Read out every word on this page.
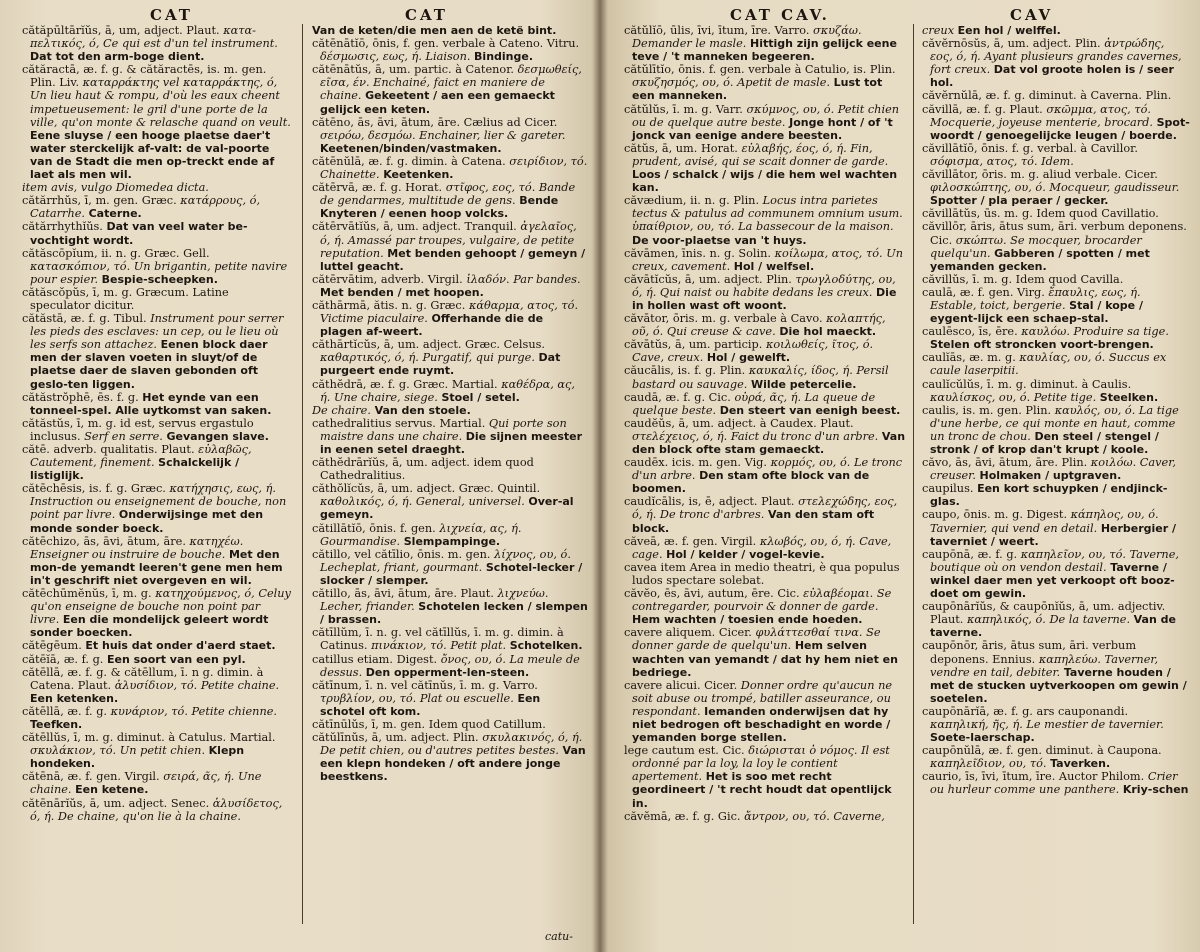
CAT	CAT

cătăpūltārĭŭs, ā, um, adject. Plaut. κατα-πελτικός, ό, Ce qui est d'un tel instrument. Dat tot den arm-boge dient.

cătăractā, æ. f. g. & cătăractēs, is. m. gen. Plin. Liv. καταρράκτης vel καταρράκτης, ό, Un lieu haut & rompu, d'où les eaux cheent impetueusement: le gril d'une porte de la ville, qu'on monte & relasche quand on veult. Eene sluyse / een hooge plaetse daer't water sterckelijk af-valt: de val-poorte van de Stadt die men op-treckt ende af laet als men wil.

item avis, vulgo Diomedea dicta.

cătărrhŭs, ī, m. gen. Græc. κατάρρους, ό, Catarrhe. Caterne.

cătărrhythĭŭs. Dat van veel water be-vochtight wordt.

cătăscōpĭum, ii. n. g. Græc. Gell. κατασκόπιον, τό. Un brigantin, petite navire pour espier. Bespie-scheepken.

cătăscŏpŭs, ī, m. g. Græcum. Latine speculator dicitur.

cătăstā, æ. f. g. Tibul. Instrument pour serrer les pieds des esclaves: un cep, ou le lieu où les serfs son attachez. Eenen block daer men der slaven voeten in sluyt/of de plaetse daer de slaven gebonden oft geslo-ten liggen.

cătăstrŏphē, ēs. f. g. Het eynde van een tonneel-spel. Alle uytkomst van saken.

cătăstŭs, ī, m. g. id est, servus ergastulo inclusus. Serf en serre. Gevangen slave.

cătē. adverb. qualitatis. Plaut. εὐλαβῶς, Cautement, finement. Schalckelijk / listiglijk.

cătēchēsis, is. f. g. Græc. κατήχησις, εως, ή. Instruction ou enseignement de bouche, non point par livre. Onderwijsinge met den monde sonder boeck.

cătēchizo, ās, āvi, ātum, āre. κατηχέω. Enseigner ou instruire de bouche. Met den mon-de yemandt leeren't gene men hem in't geschrift niet overgeven en wil.

cătēchūmĕnŭs, ī, m. g. κατηχούμενος, ό, Celuy qu'on enseigne de bouche non point par livre. Een die mondelijck geleert wordt sonder boecken.

cătēgēum. Et huis dat onder d'aerd staet.

cătēĭā, æ. f. g. Een soort van een pyl.

cătēllā, æ. f. g. & cătēllum, ī. n g. dimin. à Catena. Plaut. ἁλυσίδιον, τό. Petite chaine. Een ketenken.

cătēllā, æ. f. g. κυνάριον, τό. Petite chienne. Teefken.

cătēllŭs, ī, m. g. diminut. à Catulus. Martial. σκυλάκιον, τό. Un petit chien. Klepn hondeken.

cătēnā, æ. f. gen. Virgil. σειρά, ᾶς, ή. Une chaine. Een ketene.

cătēnārĭŭs, ā, um. adject. Senec. ἁλυσίδετος, ό, ή. De chaine, qu'on lie à la chaine.

Van de keten/die men aen de ketë bint.

cătēnātĭō, ōnis, f. gen. verbale à Cateno. Vitru. δέσμωσις, εως, ή. Liaison. Bindinge.

cătēnātŭs, ā, um. partic. à Catenor. δεσμωθείς, εῖσα, έν. Enchainé, faict en maniere de chaine. Gekeetent / aen een gemaeckt gelijck een keten.

cătēno, ās, āvi, ātum, āre. Cælius ad Cicer. σειρόω, δεσμόω. Enchainer, lier & gareter. Keetenen/binden/vastmaken.

cătēnŭlā, æ. f. g. dimin. à Catena. σειρίδιον, τό. Chainette. Keetenken.

cătērvā, æ. f. g. Horat. στῖφος, εος, τό. Bande de gendarmes, multitude de gens. Bende Knyteren / eenen hoop volcks.

cătērvātĭŭs, ā, um. adject. Tranquil. ἀγελαῖος, ό, ή. Amassé par troupes, vulgaire, de petite reputation. Met benden gehoopt / gemeyn / luttel geacht.

cătērvātim, adverb. Virgil. ἰλαδόν. Par bandes. Met benden / met hoopen.

căthārmā, ătis. n. g. Græc. κάθαρμα, ατος, τό. Victime piaculaire. Offerhande die de plagen af-weert.

căthārtĭcŭs, ā, um. adject. Græc. Celsus. καθαρτικός, ό, ή. Purgatif, qui purge. Dat purgeert ende ruymt.

căthĕdrā, æ. f. g. Græc. Martial. καθέδρα, ας, ή. Une chaire, siege. Stoel / setel.

De chaire. Van den stoele.

cathedralitius servus. Martial. Qui porte son maistre dans une chaire. Die sijnen meester in eenen setel draeght.

căthĕdrārĭŭs, ā, um. adject. idem quod Cathedralitius.

căthŏlĭcŭs, ā, um. adject. Græc. Quintil. καθολικός, ό, ή. General, universel. Over-al gemeyn.

cătillātĭō, ōnis. f. gen. λιχνεία, ας, ή. Gourmandise. Slempampinge.

cătillo, vel cătīlio, ōnis. m. gen. λίχνος, ου, ό. Lecheplat, friant, gourmant. Schotel-lecker / slocker / slemper.

cătillo, ās, āvi, ātum, āre. Plaut. λιχνεύω. Lecher, friander. Schotelen lecken / slempen / brassen.

cătīllŭm, ī. n. g. vel cătīllŭs, ī. m. g. dimin. à Catinus. πινάκιον, τό. Petit plat. Schotelken.

catillus etiam. Digest. ὄνος, ου, ό. La meule de dessus. Den opperment-len-steen.

cătīnum, ī. n. vel cătīnŭs, ī. m. g. Varro. τρυβλίον, ου, τό. Plat ou escuelle. Een schotel oft kom.

cătīnūlŭs, ī, m. gen. Idem quod Catillum.

cătŭlīnŭs, ā, um. adject. Plin. σκυλακινός, ό, ή. De petit chien, ou d'autres petites bestes. Van een klepn hondeken / oft andere jonge beestkens.

catu-
CAT CAV.	CAV

cătŭlĭō, ūlis, īvi, ītum, īre. Varro. σκυζάω. Demander le masle. Hittigh zijn gelijck eene teve / 't manneken begeeren.

cătŭlītĭo, ōnis. f. gen. verbale à Catulio, is. Plin. σκυζησμός, ου, ό. Apetit de masle. Lust tot een manneken.

cătŭlŭs, ī. m. g. Varr. σκύμνος, ου, ό. Petit chien ou de quelque autre beste. Jonge hont / of 't jonck van eenige andere beesten.

cătŭs, ā, um. Horat. εὐλαβής, έος, ό, ή. Fin, prudent, avisé, qui se scait donner de garde. Loos / schalck / wijs / die hem wel wachten kan.

căvædium, ii. n. g. Plin. Locus intra parietes tectus & patulus ad communem omnium usum. ὑπαίθριον, ου, τό. La bassecour de la maison. De voor-plaetse van 't huys.

căvāmen, īnis. n. g. Solin. κοίλωμα, ατος, τό. Un creux, cavement. Hol / welfsel.

căvātĭcŭs, ā, um. adject. Plin. τρωγλοδύτης, ου, ό, ή. Qui naist ou habite dedans les creux. Die in hollen wast oft woont.

căvātor, ōris. m. g. verbale à Cavo. κολαπτής, οῦ, ό. Qui creuse & cave. Die hol maeckt.

căvātŭs, ā, um. particip. κοιλωθείς, ῖτος, ό. Cave, creux. Hol / gewelft.

căucālis, is. f. g. Plin. καυκαλίς, ίδος, ή. Persil bastard ou sauvage. Wilde petercelie.

caudā, æ. f. g. Cic. οὐρά, ᾶς, ή. La queue de quelque beste. Den steert van eenigh beest.

caudĕŭs, ā, um. adject. à Caudex. Plaut. στελέχειος, ό, ή. Faict du tronc d'un arbre. Van den block ofte stam gemaeckt.

caudēx. icis. m. gen. Vig. κορμός, ου, ό. Le tronc d'un arbre. Den stam ofte block van de boomen.

caudĭcālis, is, ē, adject. Plaut. στελεχώδης, εος, ό, ή. De tronc d'arbres. Van den stam oft block.

căveā, æ. f. gen. Virgil. κλωβός, ου, ό, ή. Cave, cage. Hol / kelder / vogel-kevie.

cavea item Area in medio theatri, è qua populus ludos spectare solebat.

căvĕo, ēs, āvi, autum, ēre. Cic. εὐλαβέομαι. Se contregarder, pourvoir & donner de garde. Hem wachten / toesien ende hoeden.

cavere aliquem. Cicer. φυλάττεσθαί τινα. Se donner garde de quelqu'un. Hem selven wachten van yemandt / dat hy hem niet en bedriege.

cavere alicui. Cicer. Donner ordre qu'aucun ne soit abuse ou trompé, batiller asseurance, ou respondant. Iemanden onderwijsen dat hy niet bedrogen oft beschadight en worde / yemanden borge stellen.

lege cautum est. Cic. διώρισται ὁ νόμος. Il est ordonné par la loy, la loy le contient apertement. Het is soo met recht geordineert / 't recht houdt dat opentlijck in.

căvĕmā, æ. f. g. Gic. ἄντρον, ου, τό. Caverne,

creux Een hol / welffel.

căvĕrnōsŭs, ā, um. adject. Plin. ἀντρώδης, εος, ό, ή. Ayant plusieurs grandes cavernes, fort creux. Dat vol groote holen is / seer hol.

căvĕrnŭlā, æ. f. g. diminut. à Caverna. Plin.

căvillā, æ. f. g. Plaut. σκῶμμα, ατος, τό. Mocquerie, joyeuse menterie, brocard. Spot-woordt / genoegelijcke leugen / boerde.

căvillātĭō, ōnis. f. g. verbal. à Cavillor. σόφισμα, ατος, τό. Idem.

căvillātor, ōris. m. g. aliud verbale. Cicer. φιλοσκώπτης, ου, ό. Mocqueur, gaudisseur. Spotter / pla peraer / gecker.

căvillātŭs, ūs. m. g. Idem quod Cavillatio.

căvillōr, āris, ātus sum, āri. verbum deponens. Cic. σκώπτω. Se mocquer, brocarder quelqu'un. Gabberen / spotten / met yemanden gecken.

căvillŭs, ī. m. g. Idem quod Cavilla.

caulā, æ. f. gen. Virg. ἔπαυλις, εως, ή. Estable, toict, bergerie. Stal / kope / eygent-lijck een schaep-stal.

caulēsco, īs, ēre. καυλόω. Produire sa tige. Stelen oft stroncken voort-brengen.

caulĭās, æ. m. g. καυλίας, ου, ό. Succus ex caule laserpitii.

caulĭcŭlŭs, ī. m. g. diminut. à Caulis. καυλίσκος, ου, ό. Petite tige. Steelken.

caulis, is. m. gen. Plin. καυλός, ου, ό. La tige d'une herbe, ce qui monte en haut, comme un tronc de chou. Den steel / stengel / stronk / of krop dan't krupt / koole.

căvo, ās, āvi, ātum, āre. Plin. κοιλόω. Caver, creuser. Holmaken / uptgraven.

caupilus. Een kort schuypken / endjinck-glas.

caupo, ōnis. m. g. Digest. κάπηλος, ου, ό. Tavernier, qui vend en detail. Herbergier / taverniet / weert.

caupōnā, æ. f. g. καπηλεῖον, ου, τό. Taverne, boutique où on vendon destail. Taverne / winkel daer men yet verkoopt oft booz-doet om gewin.

caupōnārĭŭs, & caupōnĭŭs, ā, um. adjectiv. Plaut. καπηλικός, ό. De la taverne. Van de taverne.

caupōnōr, āris, ātus sum, āri. verbum deponens. Ennius. καπηλεύω. Taverner, vendre en tail, debiter. Taverne houden / met de stucken uytverkoopen om gewin / soetelen.

caupōnārĭā, æ. f. g. ars cauponandi. καπηλική, ῆς, ή. Le mestier de tavernier. Soete-laerschap.

caupōnŭlā, æ. f. gen. diminut. à Caupona. καπηλεῖδιον, ου, τό. Taverken.

caurio, īs, īvi, ītum, īre. Auctor Philom. Crier ou hurleur comme une panthere. Kriy-schen
